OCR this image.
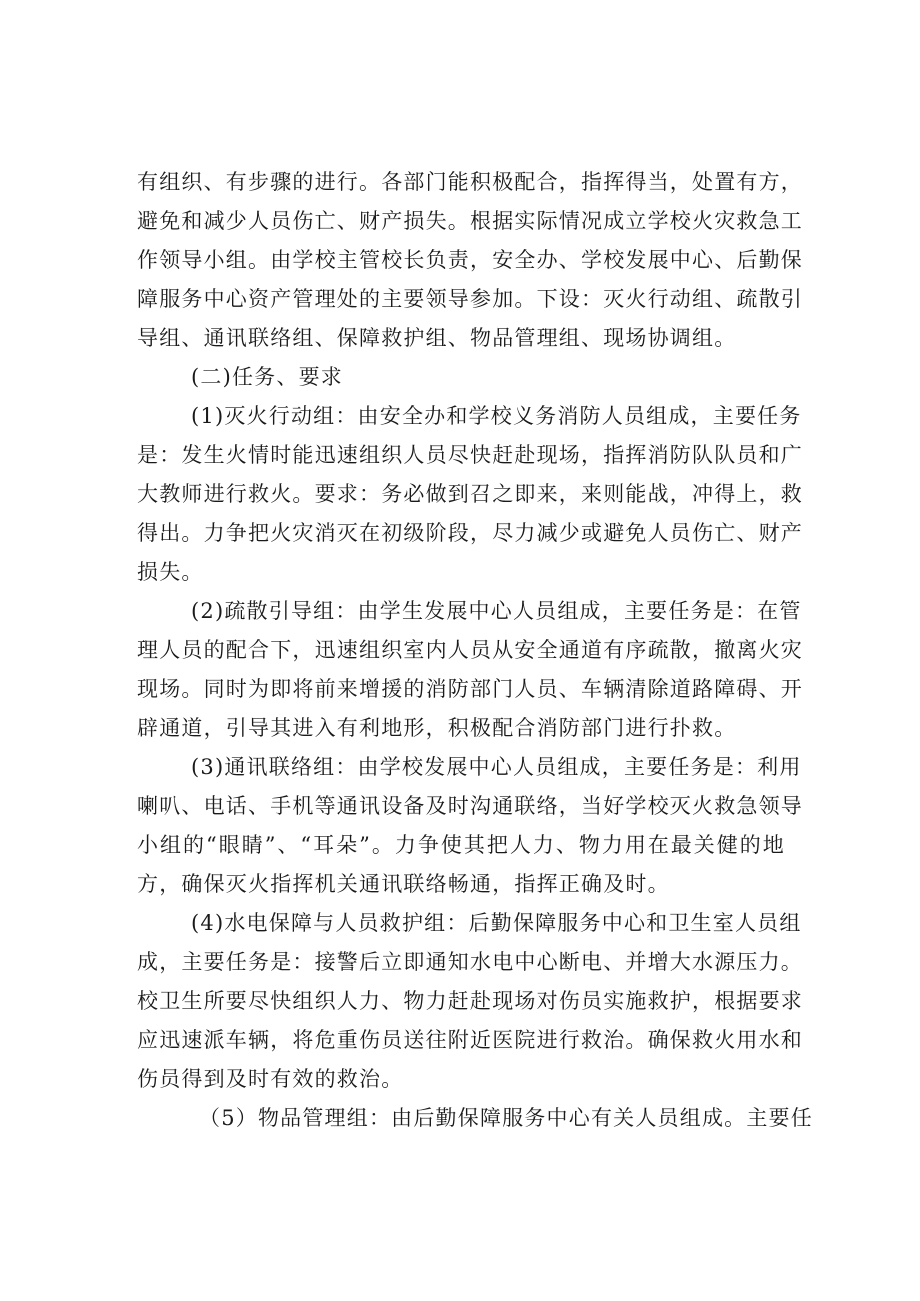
有组织、有步骤的进行。各部门能积极配合，指挥得当，处置有方，
避免和减少人员伤亡、财产损失。根据实际情况成立学校火灾救急工
作领导小组。由学校主管校长负责，安全办、学校发展中心、后勤保
障服务中心资产管理处的主要领导参加。下设：灭火行动组、疏散引
导组、通讯联络组、保障救护组、物品管理组、现场协调组。
(二)任务、要求
(1)灭火行动组：由安全办和学校义务消防人员组成，主要任务
是：发生火情时能迅速组织人员尽快赶赴现场，指挥消防队队员和广
大教师进行救火。要求：务必做到召之即来，来则能战，冲得上，救
得出。力争把火灾消灭在初级阶段，尽力减少或避免人员伤亡、财产
损失。
(2)疏散引导组：由学生发展中心人员组成，主要任务是：在管
理人员的配合下，迅速组织室内人员从安全通道有序疏散，撤离火灾
现场。同时为即将前来增援的消防部门人员、车辆清除道路障碍、开
辟通道，引导其进入有利地形，积极配合消防部门进行扑救。
(3)通讯联络组：由学校发展中心人员组成，主要任务是：利用
喇叭、电话、手机等通讯设备及时沟通联络，当好学校灭火救急领导
小组的“眼睛”、“耳朵”。力争使其把人力、物力用在最关健的地
方，确保灭火指挥机关通讯联络畅通，指挥正确及时。
(4)水电保障与人员救护组：后勤保障服务中心和卫生室人员组
成，主要任务是：接警后立即通知水电中心断电、并增大水源压力。
校卫生所要尽快组织人力、物力赶赴现场对伤员实施救护，根据要求
应迅速派车辆，将危重伤员送往附近医院进行救治。确保救火用水和
伤员得到及时有效的救治。
（5）物品管理组：由后勤保障服务中心有关人员组成。主要任
